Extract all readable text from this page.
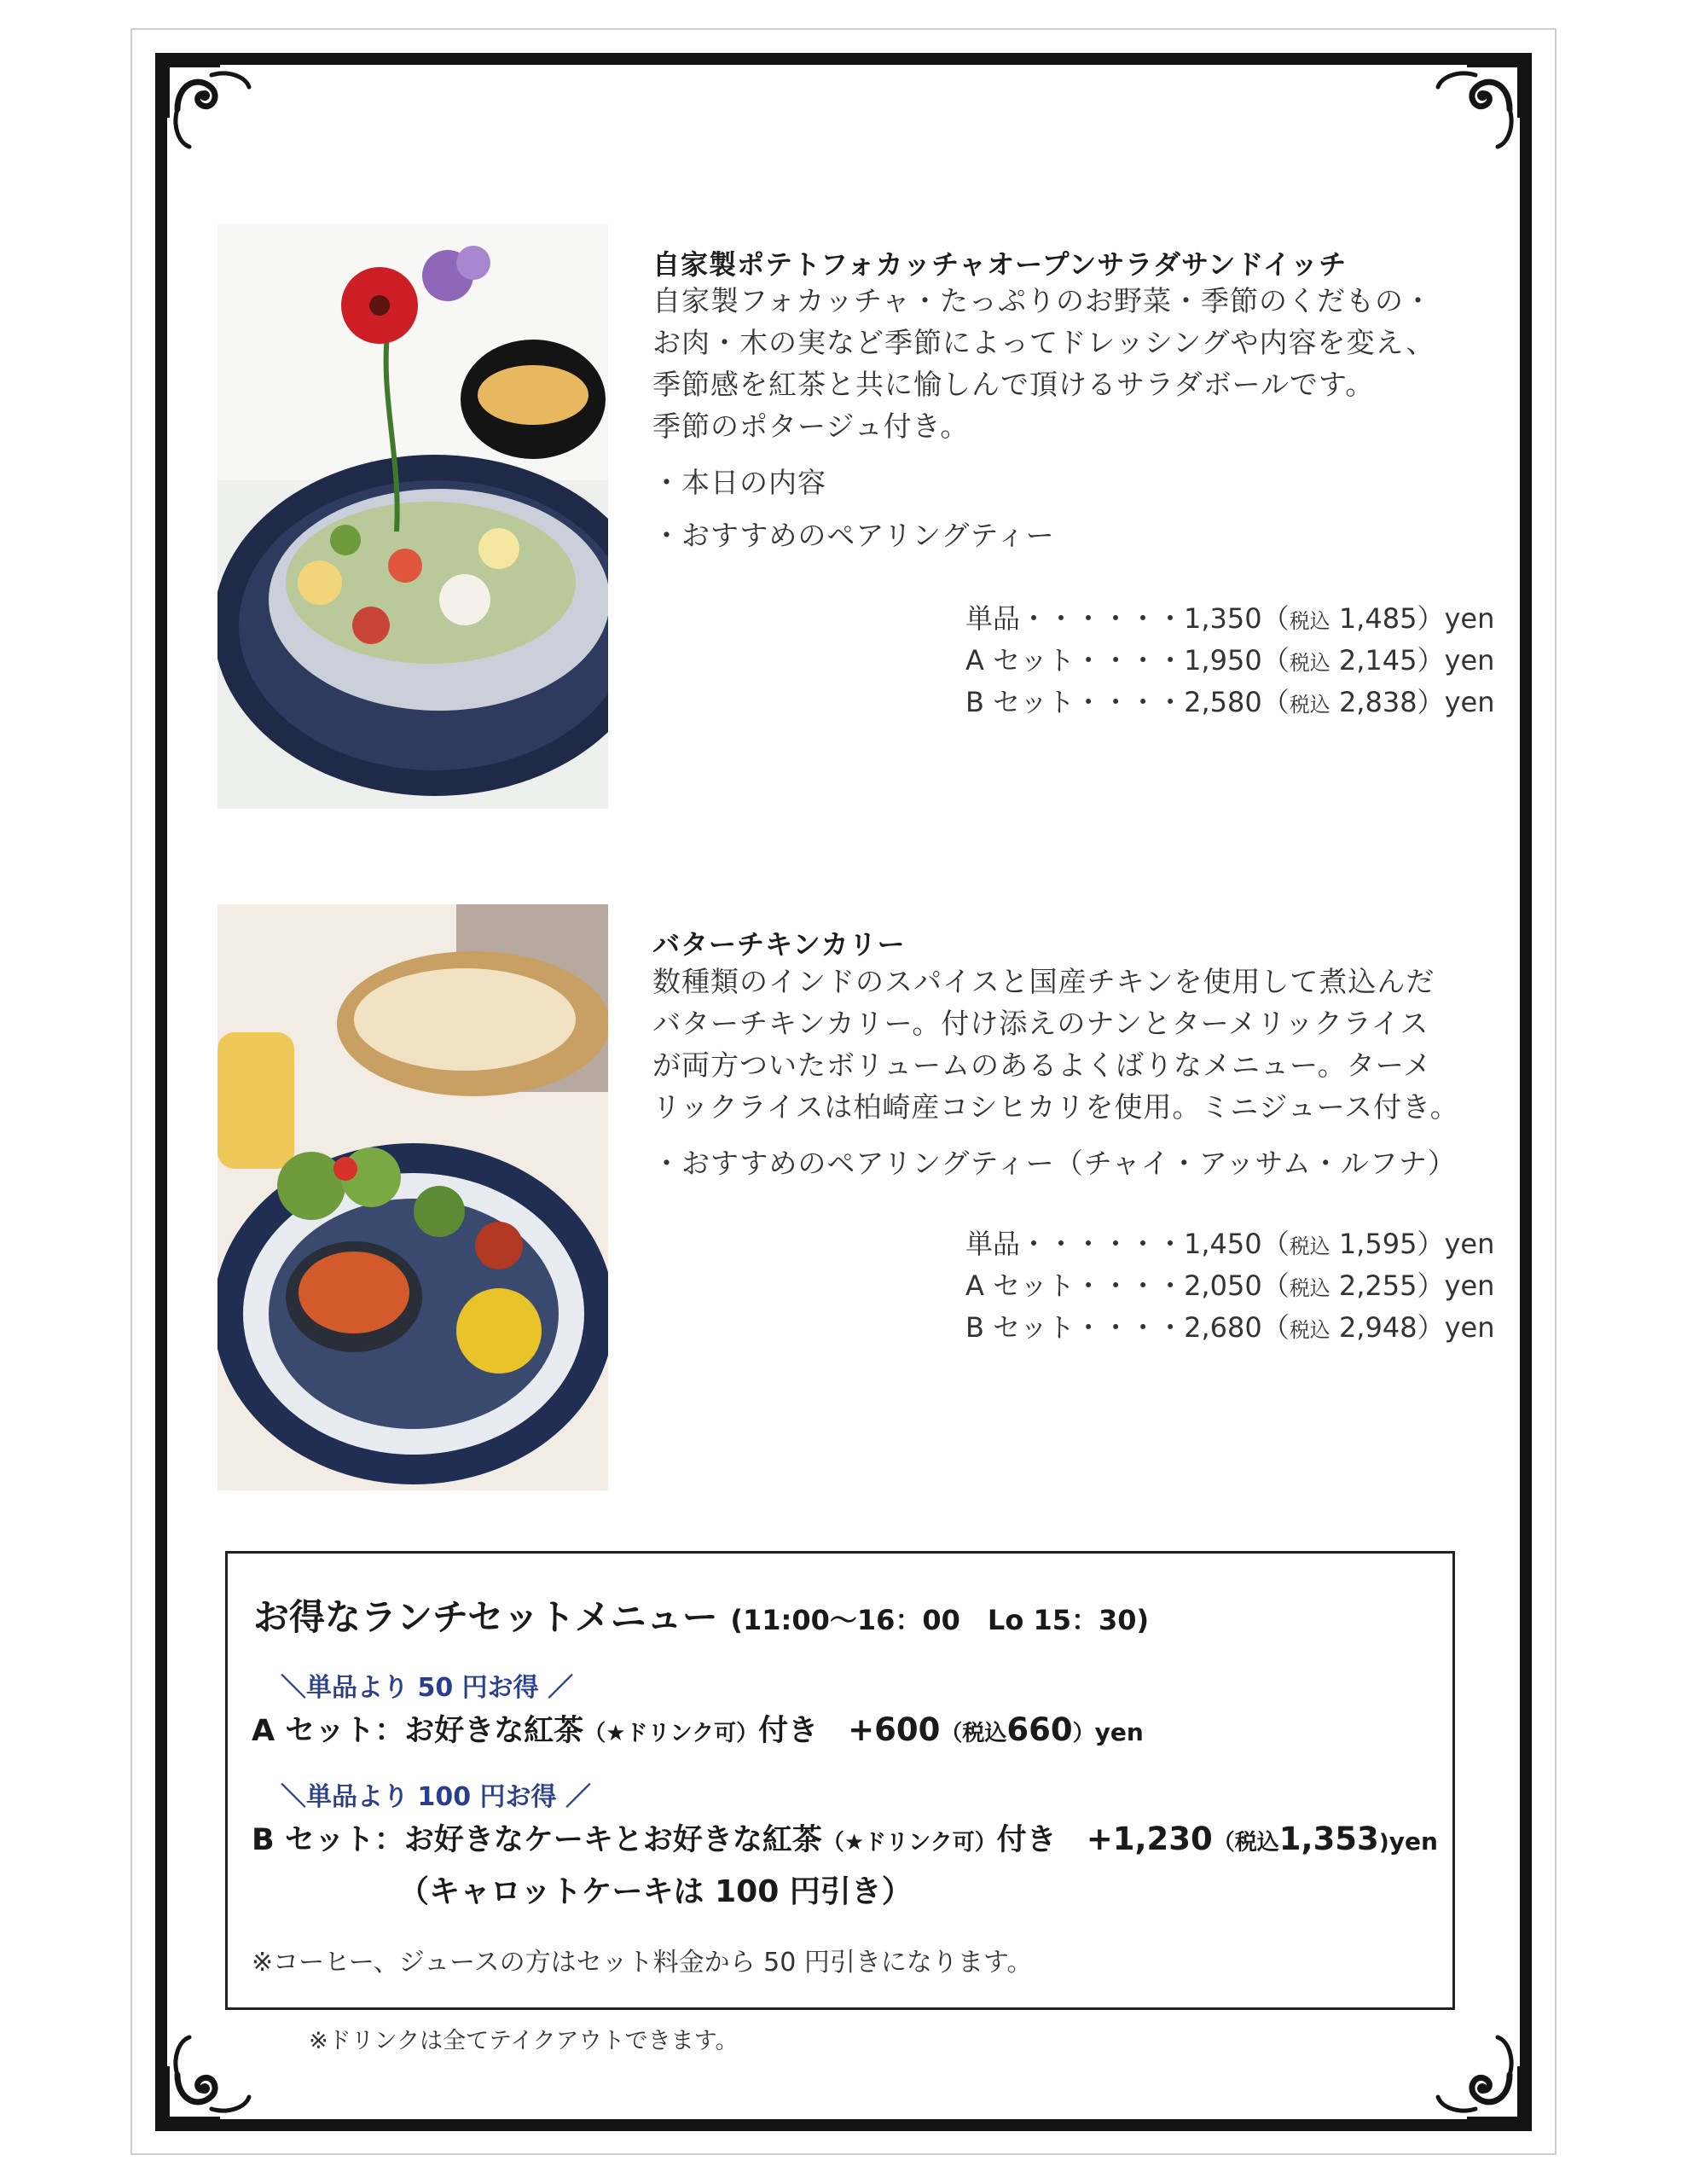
自家製ポテトフォカッチャオープンサラダサンドイッチ
自家製フォカッチャ・たっぷりのお野菜・季節のくだもの・
お肉・木の実など季節によってドレッシングや内容を変え、
季節感を紅茶と共に愉しんで頂けるサラダボールです。
季節のポタージュ付き。
・本日の内容
・おすすめのペアリングティー
単品・・・・・・1,350（税込 1,485）yen
A セット・・・・1,950（税込 2,145）yen
B セット・・・・2,580（税込 2,838）yen
バターチキンカリー
数種類のインドのスパイスと国産チキンを使用して煮込んだ
バターチキンカリー。付け添えのナンとターメリックライス
が両方ついたボリュームのあるよくばりなメニュー。ターメ
リックライスは柏崎産コシヒカリを使用。ミニジュース付き。
・おすすめのペアリングティー（チャイ・アッサム・ルフナ）
単品・・・・・・1,450（税込 1,595）yen
A セット・・・・2,050（税込 2,255）yen
B セット・・・・2,680（税込 2,948）yen
お得なランチセットメニュー (11:00～16：00　Lo 15：30)
＼単品より 50 円お得 ／
A セット：お好きな紅茶（★ドリンク可）付き　 +600（税込660）yen
＼単品より 100 円お得 ／
B セット：お好きなケーキとお好きな紅茶（★ドリンク可）付き　 +1,230（税込1,353)yen
（キャロットケーキは 100 円引き）
※コーヒー、ジュースの方はセット料金から 50 円引きになります。
※ドリンクは全てテイクアウトできます。
